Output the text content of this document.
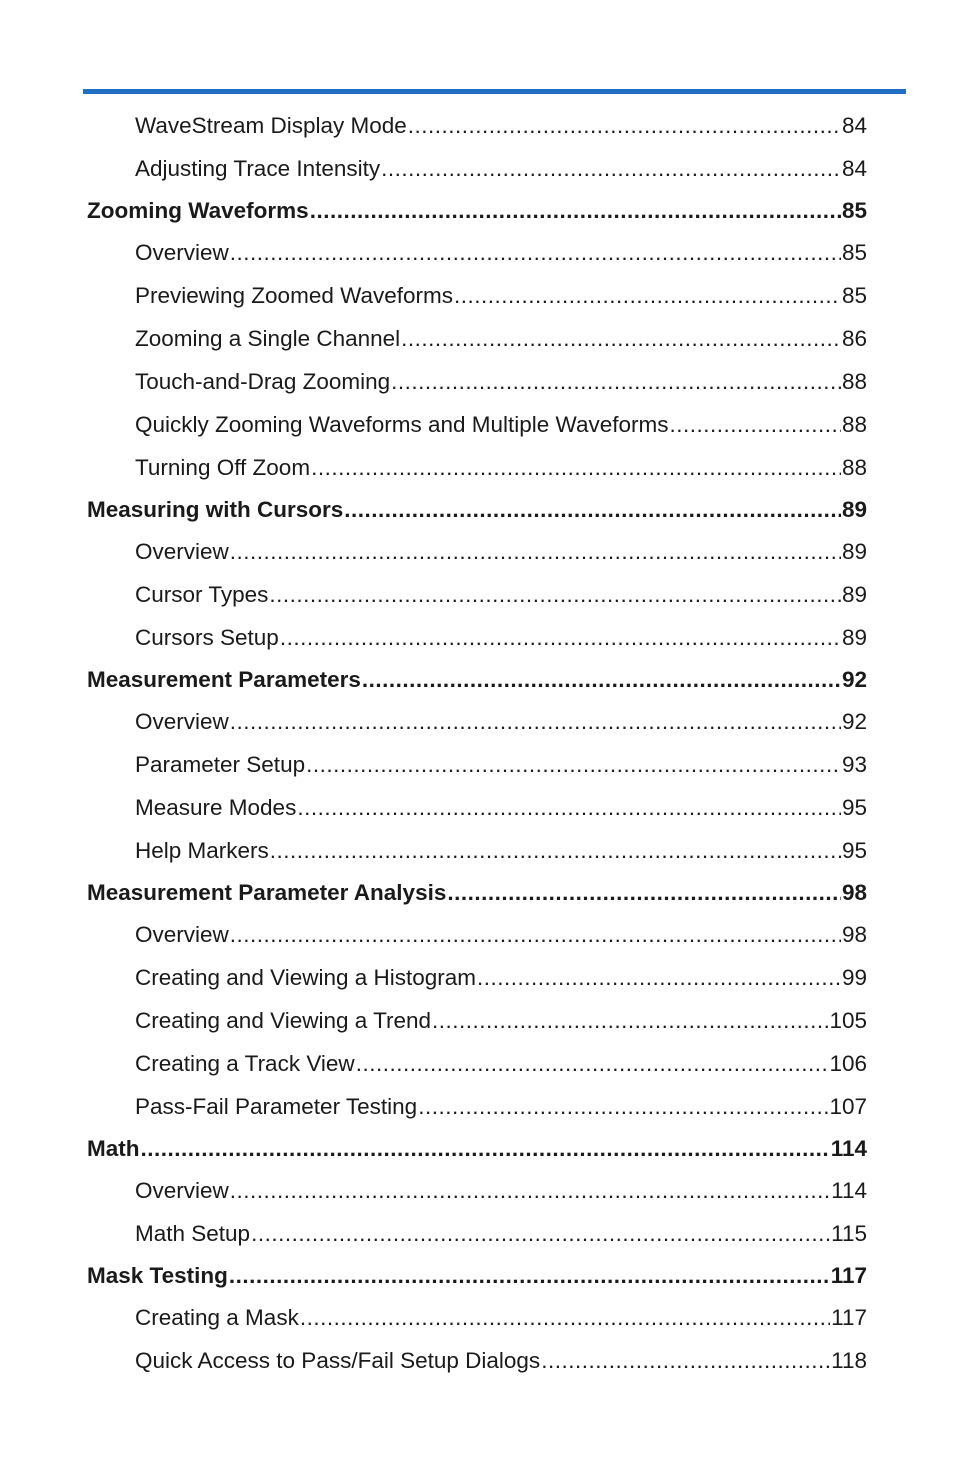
WaveStream Display Mode .....	84
Adjusting Trace Intensity .....	84
Zooming Waveforms .....	85
Overview .....	85
Previewing Zoomed Waveforms .....	85
Zooming a Single Channel .....	86
Touch-and-Drag Zooming .....	88
Quickly Zooming Waveforms and Multiple Waveforms .....	88
Turning Off Zoom .....	88
Measuring with Cursors .....	89
Overview .....	89
Cursor Types .....	89
Cursors Setup .....	89
Measurement Parameters .....	92
Overview .....	92
Parameter Setup .....	93
Measure Modes .....	95
Help Markers .....	95
Measurement Parameter Analysis .....	98
Overview .....	98
Creating and Viewing a Histogram .....	99
Creating and Viewing a Trend .....	105
Creating a Track View .....	106
Pass-Fail Parameter Testing .....	107
Math .....	114
Overview .....	114
Math Setup .....	115
Mask Testing .....	117
Creating a Mask .....	117
Quick Access to Pass/Fail Setup Dialogs .....	118
